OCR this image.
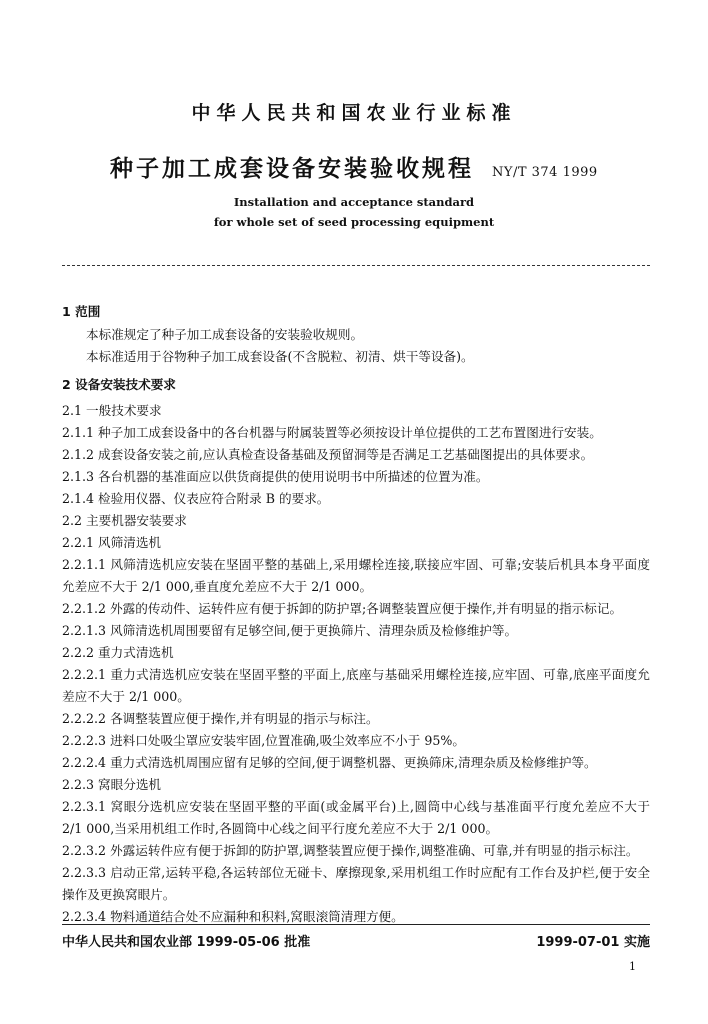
中华人民共和国农业行业标准
种子加工成套设备安装验收规程 NY/T 374 1999
Installation and acceptance standard
for whole set of seed processing equipment
1 范围
本标准规定了种子加工成套设备的安装验收规则。
本标准适用于谷物种子加工成套设备(不含脱粒、初清、烘干等设备)。
2 设备安装技术要求
2.1 一般技术要求
2.1.1 种子加工成套设备中的各台机器与附属装置等必须按设计单位提供的工艺布置图进行安装。
2.1.2 成套设备安装之前,应认真检查设备基础及预留洞等是否满足工艺基础图提出的具体要求。
2.1.3 各台机器的基准面应以供货商提供的使用说明书中所描述的位置为准。
2.1.4 检验用仪器、仪表应符合附录 B 的要求。
2.2 主要机器安装要求
2.2.1 风筛清选机
2.2.1.1 风筛清选机应安装在坚固平整的基础上,采用螺栓连接,联接应牢固、可靠;安装后机具本身平面度允差应不大于 2/1 000,垂直度允差应不大于 2/1 000。
2.2.1.2 外露的传动件、运转件应有便于拆卸的防护罩;各调整装置应便于操作,并有明显的指示标记。
2.2.1.3 风筛清选机周围要留有足够空间,便于更换筛片、清理杂质及检修维护等。
2.2.2 重力式清选机
2.2.2.1 重力式清选机应安装在坚固平整的平面上,底座与基础采用螺栓连接,应牢固、可靠,底座平面度允差应不大于 2/1 000。
2.2.2.2 各调整装置应便于操作,并有明显的指示与标注。
2.2.2.3 进料口处吸尘罩应安装牢固,位置准确,吸尘效率应不小于 95%。
2.2.2.4 重力式清选机周围应留有足够的空间,便于调整机器、更换筛床,清理杂质及检修维护等。
2.2.3 窝眼分选机
2.2.3.1 窝眼分选机应安装在坚固平整的平面(或金属平台)上,圆筒中心线与基准面平行度允差应不大于 2/1 000,当采用机组工作时,各圆筒中心线之间平行度允差应不大于 2/1 000。
2.2.3.2 外露运转件应有便于拆卸的防护罩,调整装置应便于操作,调整准确、可靠,并有明显的指示标注。
2.2.3.3 启动正常,运转平稳,各运转部位无碰卡、摩擦现象,采用机组工作时应配有工作台及护栏,便于安全操作及更换窝眼片。
2.2.3.4 物料通道结合处不应漏种和积料,窝眼滚筒清理方便。
中华人民共和国农业部 1999-05-06 批准	1999-07-01 实施
1
